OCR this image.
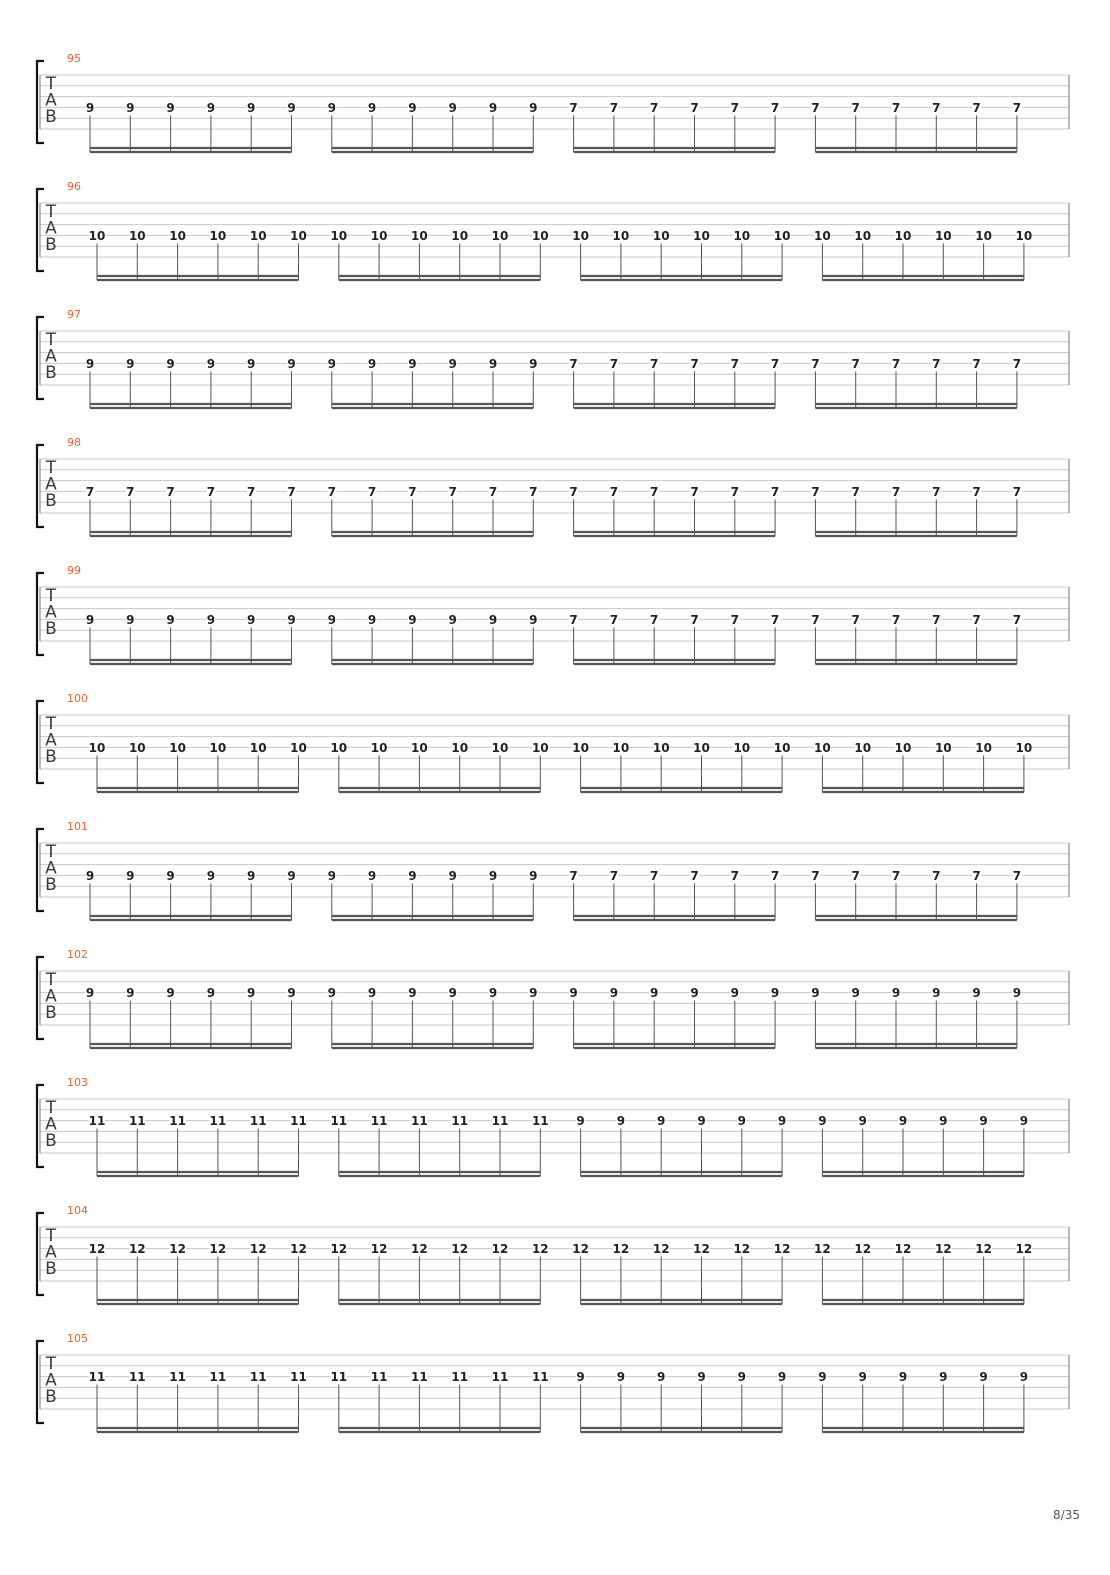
95
T
A
B 9	9	9	9	9	9	9	9	9	9	9	9	7	7	7	7	7	7	7	7	7	7	7	7
96
T
A
B	10 10 10 10 10 10 10 10 10 10 10 10 10 10 10 10 10 10 10 10 10 10 10 10
97
T
A
B 9	9	9	9	9	9	9	9	9	9	9	9	7	7	7	7	7	7	7	7	7	7	7	7
98
T
A
B 7	7	7	7	7	7	7	7	7	7	7	7	7	7	7	7	7	7	7	7	7	7	7	7
99
T
A
B 9	9	9	9	9	9	9	9	9	9	9	9	7	7	7	7	7	7	7	7	7	7	7	7
100
T
A
B	10 10 10 10 10 10 10 10 10 10 10 10 10 10 10 10 10 10 10 10 10 10 10 10
101
T
A
B 9	9	9	9	9	9	9	9	9	9	9	9	7	7	7	7	7	7	7	7	7	7	7	7
102
T
A
B
9	9	9	9	9	9	9	9	9	9	9	9	9	9	9	9	9	9	9	9	9	9	9	9
103
T
A
B
11 11 11 11 11 11 11 11 11 11 11 11 9	9	9	9	9	9	9	9	9	9	9	9
104
T
A
B
12 12 12 12 12 12 12 12 12 12 12 12 12 12 12 12 12 12 12 12 12 12 12 12
105
T
A
B
11 11 11 11 11 11 11 11 11 11 11 11 9	9	9	9	9	9	9	9	9	9	9	9
8/35
